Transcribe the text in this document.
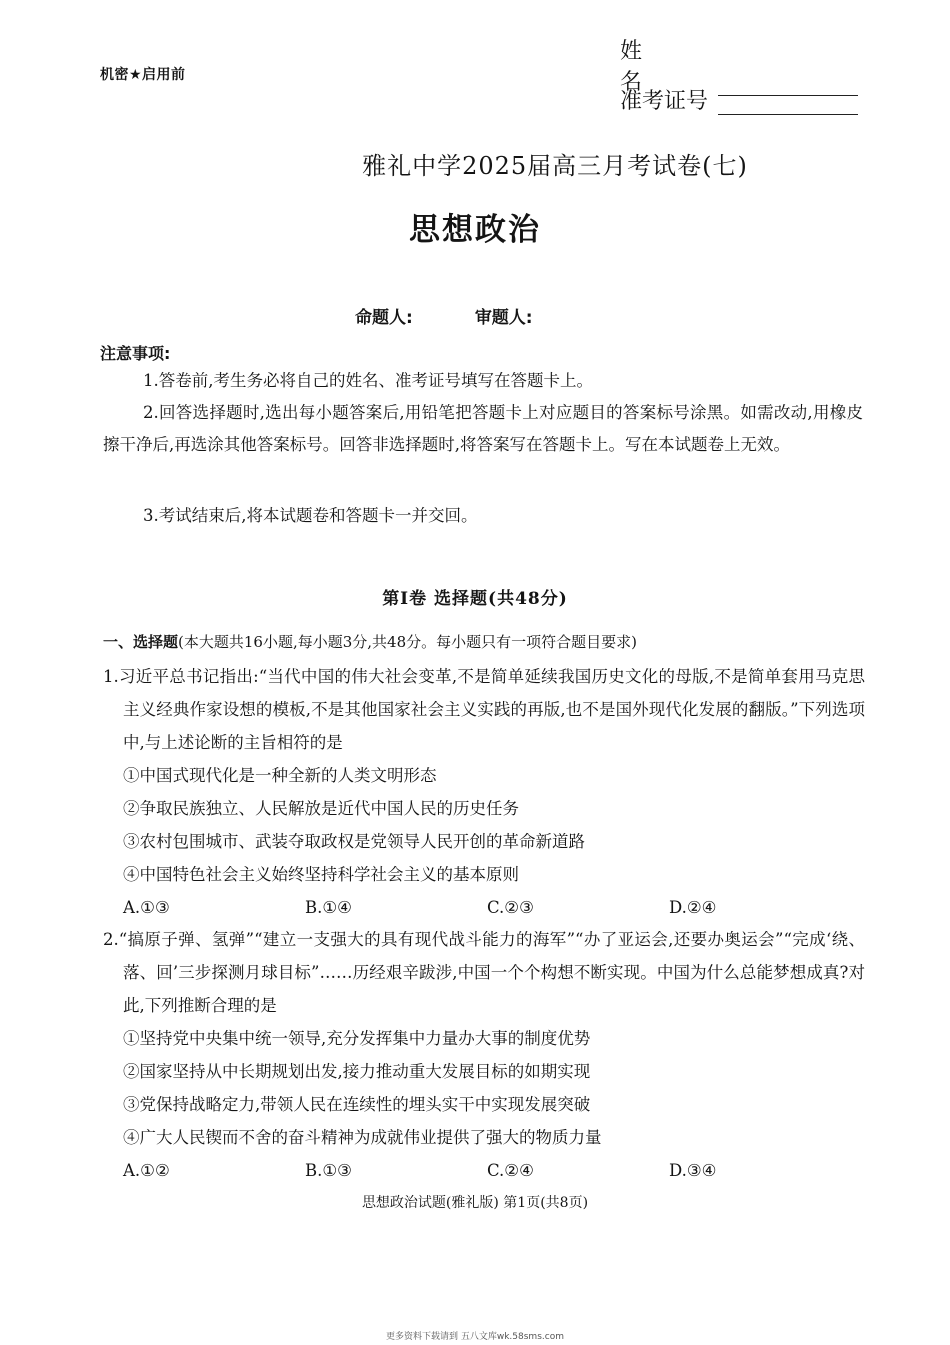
机密★启用前
姓名
准考证号
雅礼中学2025届高三月考试卷(七)
思想政治
命题人:	审题人:
注意事项:
1.答卷前,考生务必将自己的姓名、准考证号填写在答题卡上。
2.回答选择题时,选出每小题答案后,用铅笔把答题卡上对应题目的答案标号涂黑。如需改动,用橡皮擦干净后,再选涂其他答案标号。回答非选择题时,将答案写在答题卡上。写在本试题卷上无效。
3.考试结束后,将本试题卷和答题卡一并交回。
第Ⅰ卷 选择题(共48分)
一、选择题(本大题共16小题,每小题3分,共48分。每小题只有一项符合题目要求)
1.习近平总书记指出:“当代中国的伟大社会变革,不是简单延续我国历史文化的母版,不是简单套用马克思主义经典作家设想的模板,不是其他国家社会主义实践的再版,也不是国外现代化发展的翻版。”下列选项中,与上述论断的主旨相符的是
①中国式现代化是一种全新的人类文明形态
②争取民族独立、人民解放是近代中国人民的历史任务
③农村包围城市、武装夺取政权是党领导人民开创的革命新道路
④中国特色社会主义始终坚持科学社会主义的基本原则
A.①③	B.①④	C.②③	D.②④
2.“搞原子弹、氢弹”“建立一支强大的具有现代战斗能力的海军”“办了亚运会,还要办奥运会”“完成‘绕、落、回’三步探测月球目标”……历经艰辛跋涉,中国一个个构想不断实现。中国为什么总能梦想成真?对此,下列推断合理的是
①坚持党中央集中统一领导,充分发挥集中力量办大事的制度优势
②国家坚持从中长期规划出发,接力推动重大发展目标的如期实现
③党保持战略定力,带领人民在连续性的埋头实干中实现发展突破
④广大人民锲而不舍的奋斗精神为成就伟业提供了强大的物质力量
A.①②	B.①③	C.②④	D.③④
思想政治试题(雅礼版) 第1页(共8页)
更多资料下载请到 五八文库wk.58sms.com
